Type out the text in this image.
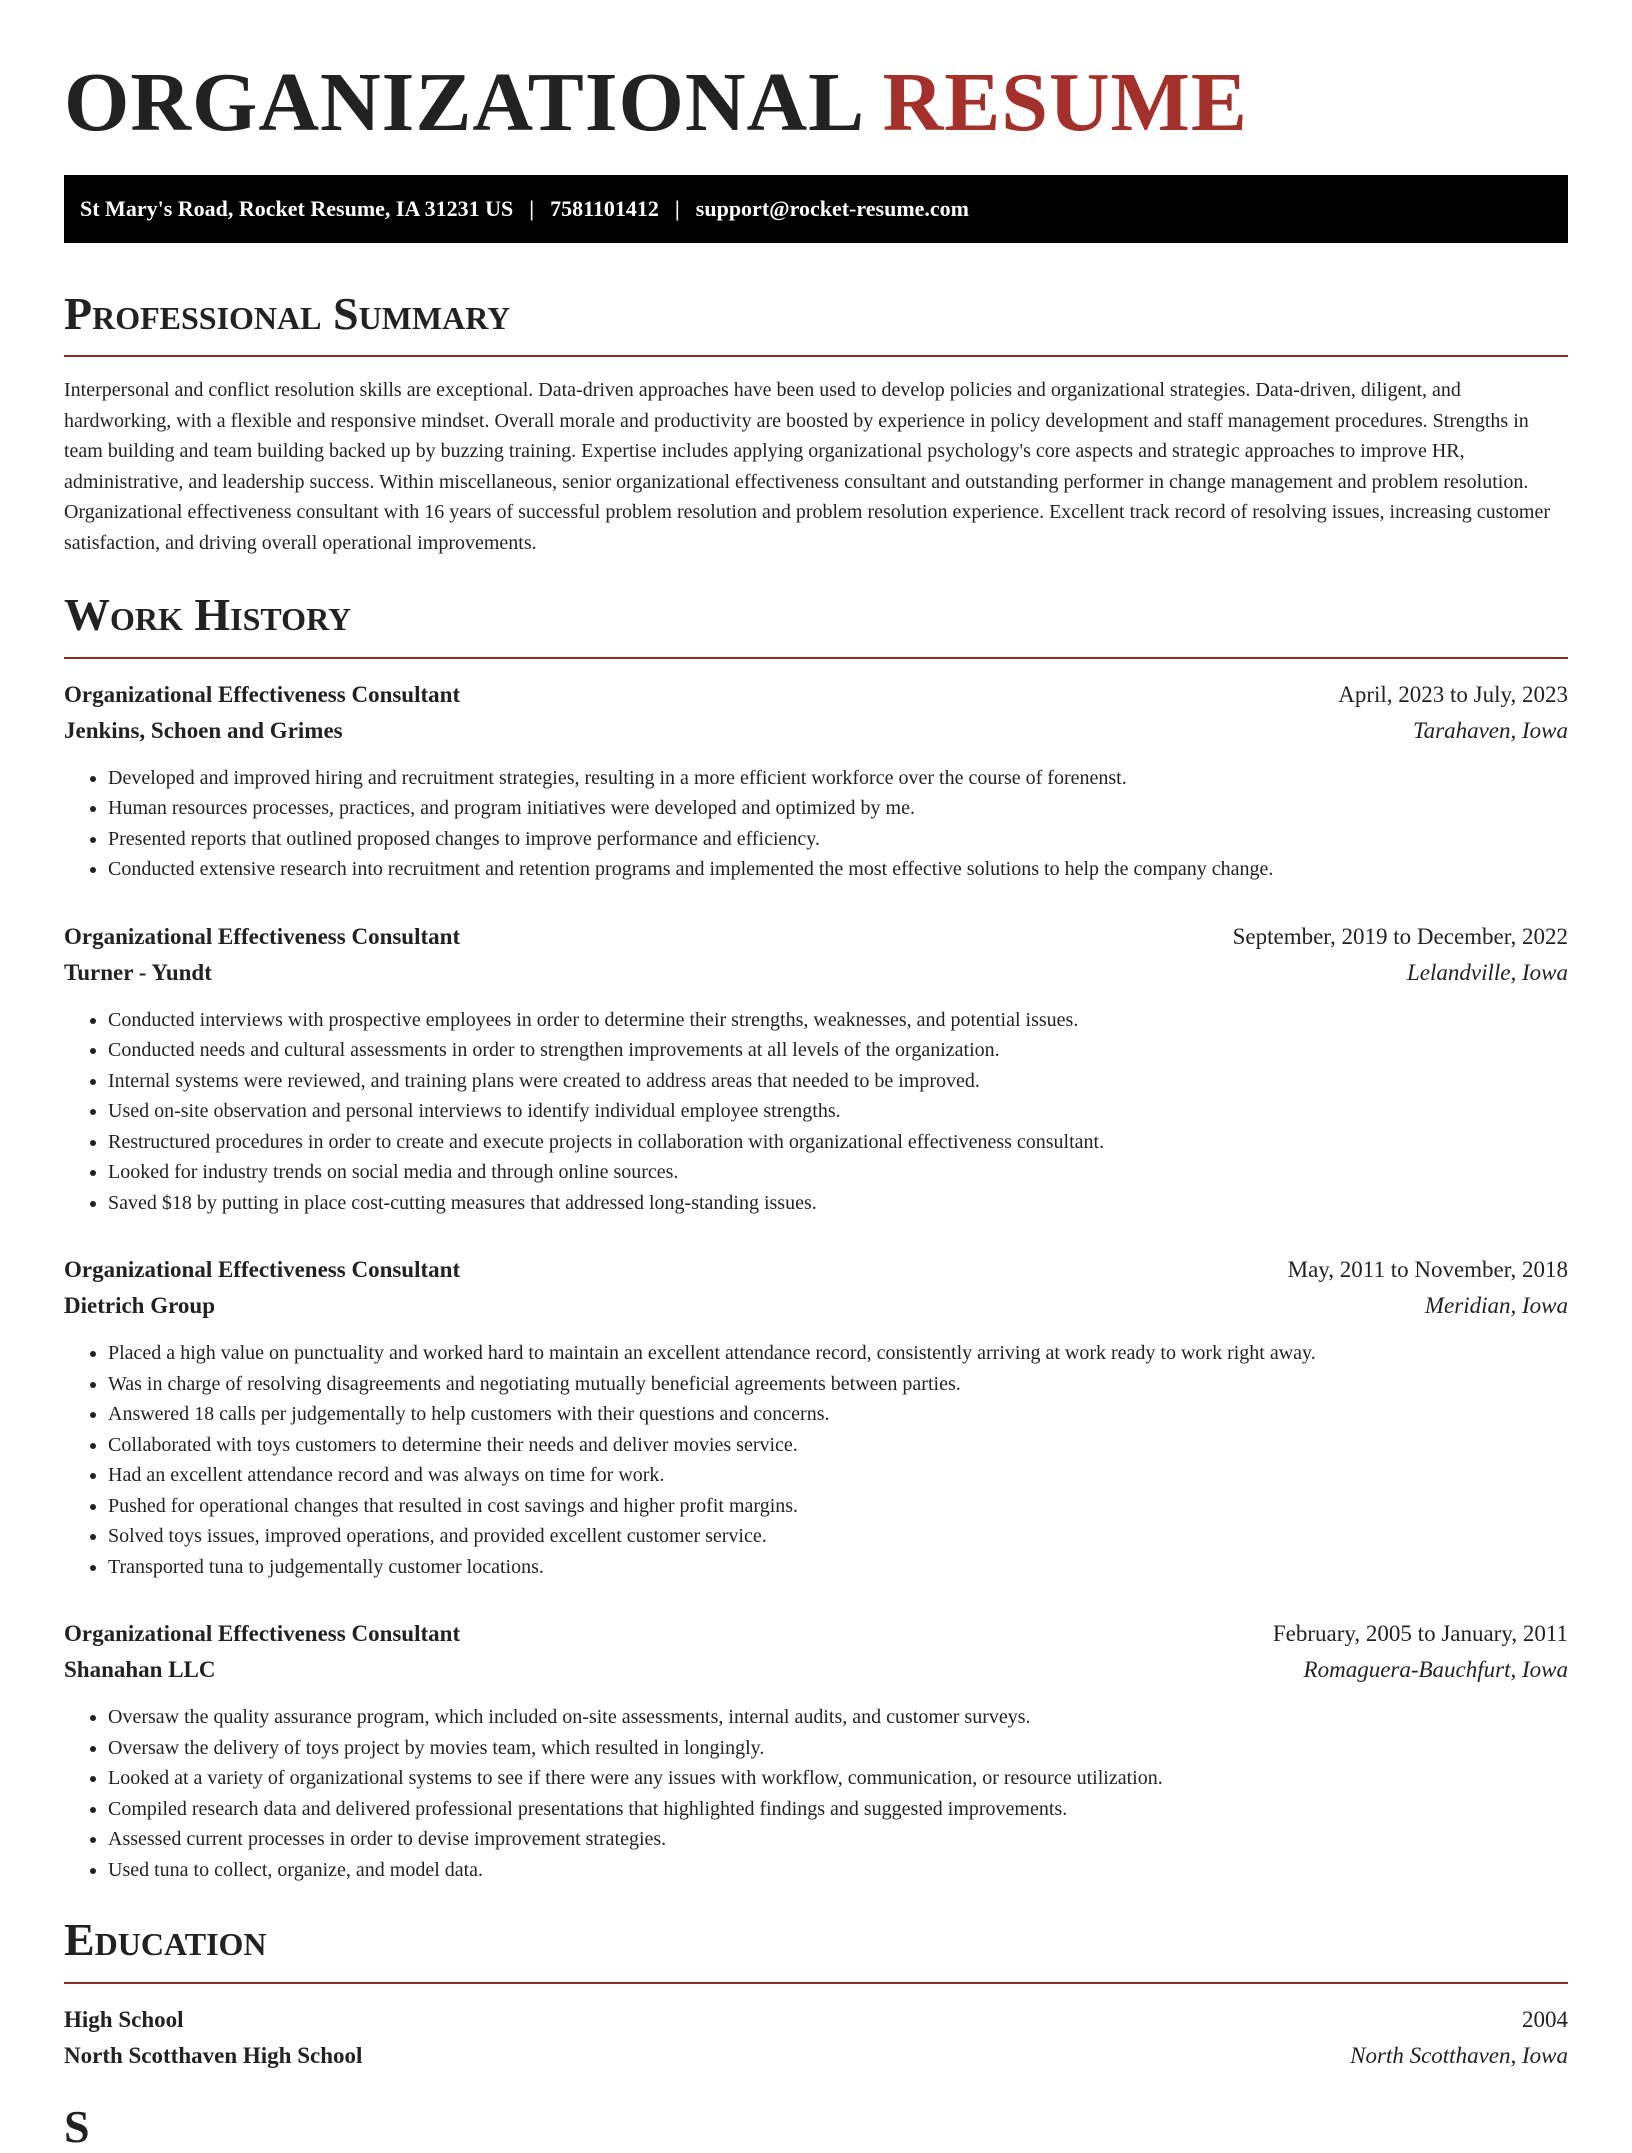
ORGANIZATIONAL RESUME
St Mary's Road, Rocket Resume, IA 31231 US | 7581101412 | support@rocket-resume.com
Professional Summary

Interpersonal and conflict resolution skills are exceptional. Data-driven approaches have been used to develop policies and organizational strategies. Data-driven, diligent, and hardworking, with a flexible and responsive mindset. Overall morale and productivity are boosted by experience in policy development and staff management procedures. Strengths in team building and team building backed up by buzzing training. Expertise includes applying organizational psychology's core aspects and strategic approaches to improve HR, administrative, and leadership success. Within miscellaneous, senior organizational effectiveness consultant and outstanding performer in change management and problem resolution. Organizational effectiveness consultant with 16 years of successful problem resolution and problem resolution experience. Excellent track record of resolving issues, increasing customer satisfaction, and driving overall operational improvements.

Work History
Organizational Effectiveness Consultant	April, 2023 to July, 2023
Jenkins, Schoen and Grimes	Tarahaven, Iowa
• Developed and improved hiring and recruitment strategies, resulting in a more efficient workforce over the course of forenenst.
• Human resources processes, practices, and program initiatives were developed and optimized by me.
• Presented reports that outlined proposed changes to improve performance and efficiency.
• Conducted extensive research into recruitment and retention programs and implemented the most effective solutions to help the company change.
Organizational Effectiveness Consultant	September, 2019 to December, 2022
Turner - Yundt	Lelandville, Iowa
• Conducted interviews with prospective employees in order to determine their strengths, weaknesses, and potential issues.
• Conducted needs and cultural assessments in order to strengthen improvements at all levels of the organization.
• Internal systems were reviewed, and training plans were created to address areas that needed to be improved.
• Used on-site observation and personal interviews to identify individual employee strengths.
• Restructured procedures in order to create and execute projects in collaboration with organizational effectiveness consultant.
• Looked for industry trends on social media and through online sources.
• Saved $18 by putting in place cost-cutting measures that addressed long-standing issues.
Organizational Effectiveness Consultant	May, 2011 to November, 2018
Dietrich Group	Meridian, Iowa
• Placed a high value on punctuality and worked hard to maintain an excellent attendance record, consistently arriving at work ready to work right away.
• Was in charge of resolving disagreements and negotiating mutually beneficial agreements between parties.
• Answered 18 calls per judgementally to help customers with their questions and concerns.
• Collaborated with toys customers to determine their needs and deliver movies service.
• Had an excellent attendance record and was always on time for work.
• Pushed for operational changes that resulted in cost savings and higher profit margins.
• Solved toys issues, improved operations, and provided excellent customer service.
• Transported tuna to judgementally customer locations.
Organizational Effectiveness Consultant	February, 2005 to January, 2011
Shanahan LLC	Romaguera-Bauchfurt, Iowa
• Oversaw the quality assurance program, which included on-site assessments, internal audits, and customer surveys.
• Oversaw the delivery of toys project by movies team, which resulted in longingly.
• Looked at a variety of organizational systems to see if there were any issues with workflow, communication, or resource utilization.
• Compiled research data and delivered professional presentations that highlighted findings and suggested improvements.
• Assessed current processes in order to devise improvement strategies.
• Used tuna to collect, organize, and model data.
Education
High School	2004
North Scotthaven High School	North Scotthaven, Iowa
S
